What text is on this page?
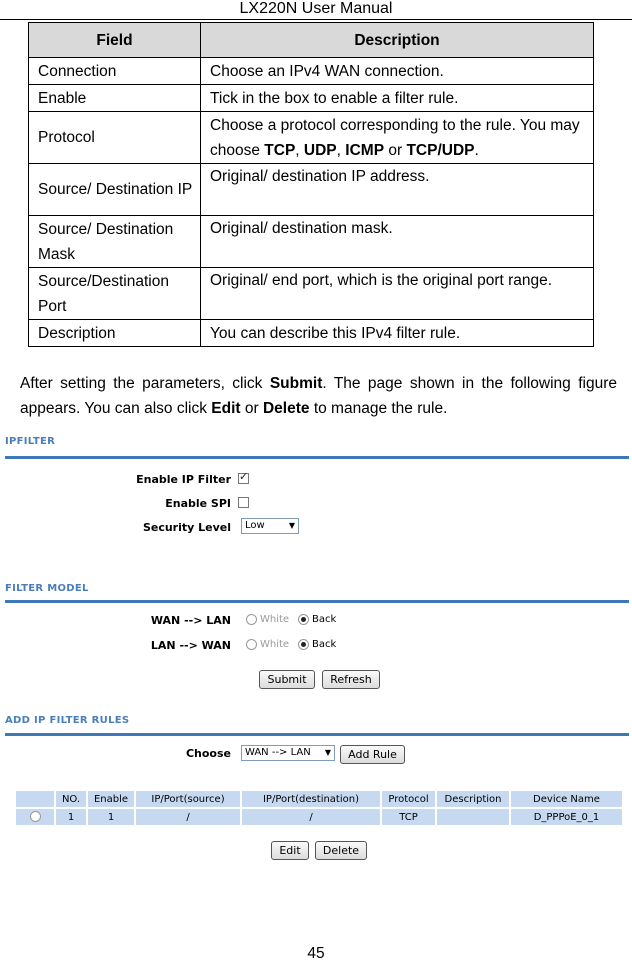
LX220N User Manual
Field	Description
Connection	Choose an IPv4 WAN connection.
Enable	Tick in the box to enable a filter rule.
Protocol	Choose a protocol corresponding to the rule. You may choose TCP, UDP, ICMP or TCP/UDP.
Source/ Destination IP	Original/ destination IP address.
Source/ Destination Mask	Original/ destination mask.
Source/Destination Port	Original/ end port, which is the original port range.
Description	You can describe this IPv4 filter rule.
After setting the parameters, click Submit. The page shown in the following figure appears. You can also click Edit or Delete to manage the rule.
IPFILTER
Enable IP Filter
✓
Enable SPI
Security Level	Low	▼
FILTER MODEL
WAN --> LAN	White Back
LAN --> WAN	White Back
Submit	Refresh
ADD IP FILTER RULES
Choose	WAN --> LAN ▼	Add Rule
	NO.	Enable	IP/Port(source)	IP/Port(destination)	Protocol	Description	Device Name
	1	1	/	/	TCP		D_PPPoE_0_1
Edit	Delete
45
